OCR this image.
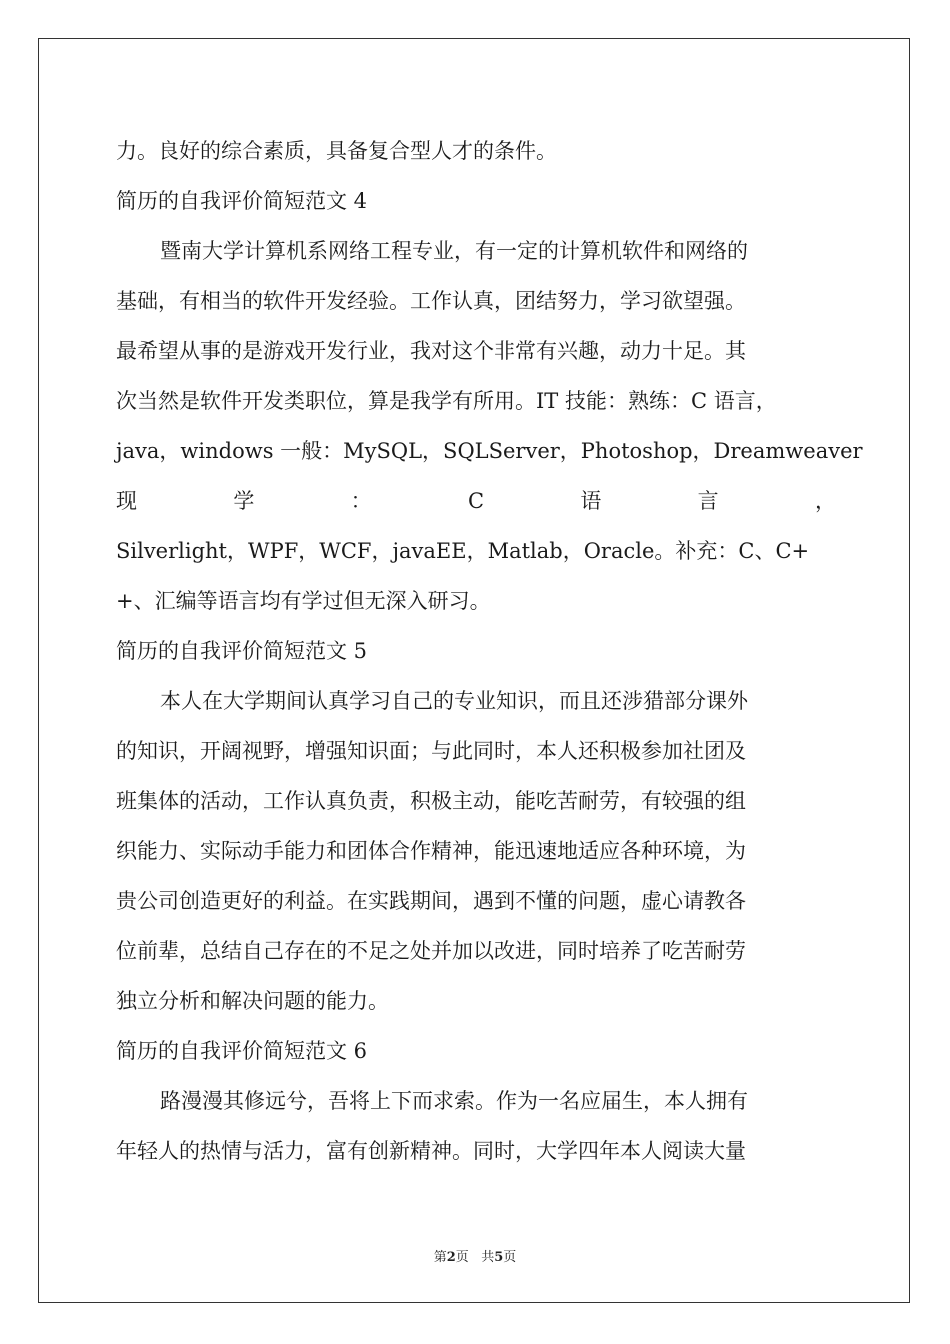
力。良好的综合素质，具备复合型人才的条件。
简历的自我评价简短范文 4
暨南大学计算机系网络工程专业，有一定的计算机软件和网络的
基础，有相当的软件开发经验。工作认真，团结努力，学习欲望强。
最希望从事的是游戏开发行业，我对这个非常有兴趣，动力十足。其
次当然是软件开发类职位，算是我学有所用。IT 技能：熟练：C 语言，
java，windows 一般：MySQL，SQLServer，Photoshop，Dreamweaver
现	学	：	C	语	言	，
Silverlight，WPF，WCF，javaEE，Matlab，Oracle。补充：C、C+
+、汇编等语言均有学过但无深入研习。
简历的自我评价简短范文 5
本人在大学期间认真学习自己的专业知识，而且还涉猎部分课外
的知识，开阔视野，增强知识面；与此同时，本人还积极参加社团及
班集体的活动，工作认真负责，积极主动，能吃苦耐劳，有较强的组
织能力、实际动手能力和团体合作精神，能迅速地适应各种环境，为
贵公司创造更好的利益。在实践期间，遇到不懂的问题，虚心请教各
位前辈，总结自己存在的不足之处并加以改进，同时培养了吃苦耐劳
独立分析和解决问题的能力。
简历的自我评价简短范文 6
路漫漫其修远兮，吾将上下而求索。作为一名应届生，本人拥有
年轻人的热情与活力，富有创新精神。同时，大学四年本人阅读大量
第2页 共5页
